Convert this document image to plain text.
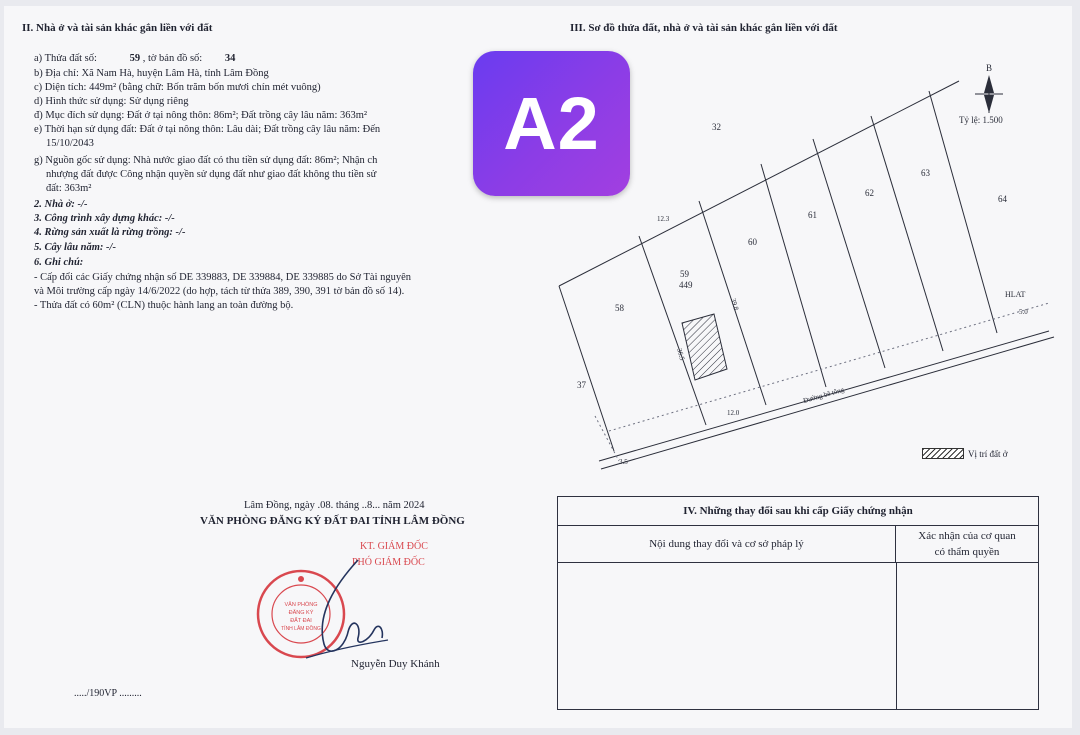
II. Nhà ở và tài sản khác gắn liền với đất
a) Thửa đất số:	59 , tờ bản đồ số: 34
b) Địa chỉ: Xã Nam Hà, huyện Lâm Hà, tỉnh Lâm Đồng
c) Diện tích: 449m² (bằng chữ: Bốn trăm bốn mươi chín mét vuông)
d) Hình thức sử dụng: Sử dụng riêng
đ) Mục đích sử dụng: Đất ở tại nông thôn: 86m²; Đất trồng cây lâu năm: 363m²
e) Thời hạn sử dụng đất: Đất ở tại nông thôn: Lâu dài; Đất trồng cây lâu năm: Đến
15/10/2043
g) Nguồn gốc sử dụng: Nhà nước giao đất có thu tiền sử dụng đất: 86m²; Nhận ch
nhượng đất được Công nhận quyền sử dụng đất như giao đất không thu tiền sử
đất: 363m²
2. Nhà ở: -/-
3. Công trình xây dựng khác: -/-
4. Rừng sản xuất là rừng trồng: -/-
5. Cây lâu năm: -/-
6. Ghi chú:
- Cấp đổi các Giấy chứng nhận số DE 339883, DE 339884, DE 339885 do Sở Tài nguyên
và Môi trường cấp ngày 14/6/2022 (do hợp, tách từ thửa 389, 390, 391 tờ bản đồ số 14).
- Thửa đất có 60m² (CLN) thuộc hành lang an toàn đường bộ.
A2
III. Sơ đồ thửa đất, nhà ở và tài sản khác gắn liền với đất
B
Tỷ lệ: 1.500
32
58
59
449
60
61
62
63
64
37
12.3
12.0
36.5
39.8
3.5
HLAT
5.0
Đường bê tông
Vị trí đất ở
Lâm Đồng, ngày .08. tháng ..8... năm 2024
VĂN PHÒNG ĐĂNG KÝ ĐẤT ĐAI TỈNH LÂM ĐỒNG
KT. GIÁM ĐỐC
PHÓ GIÁM ĐỐC
VĂN PHÒNG
ĐĂNG KÝ
ĐẤT ĐAI
TỈNH LÂM ĐỒNG
Nguyễn Duy Khánh
...../190VP .........
IV. Những thay đổi sau khi cấp Giấy chứng nhận
Nội dung thay đổi và cơ sở pháp lý
Xác nhận của cơ quan
có thẩm quyền
